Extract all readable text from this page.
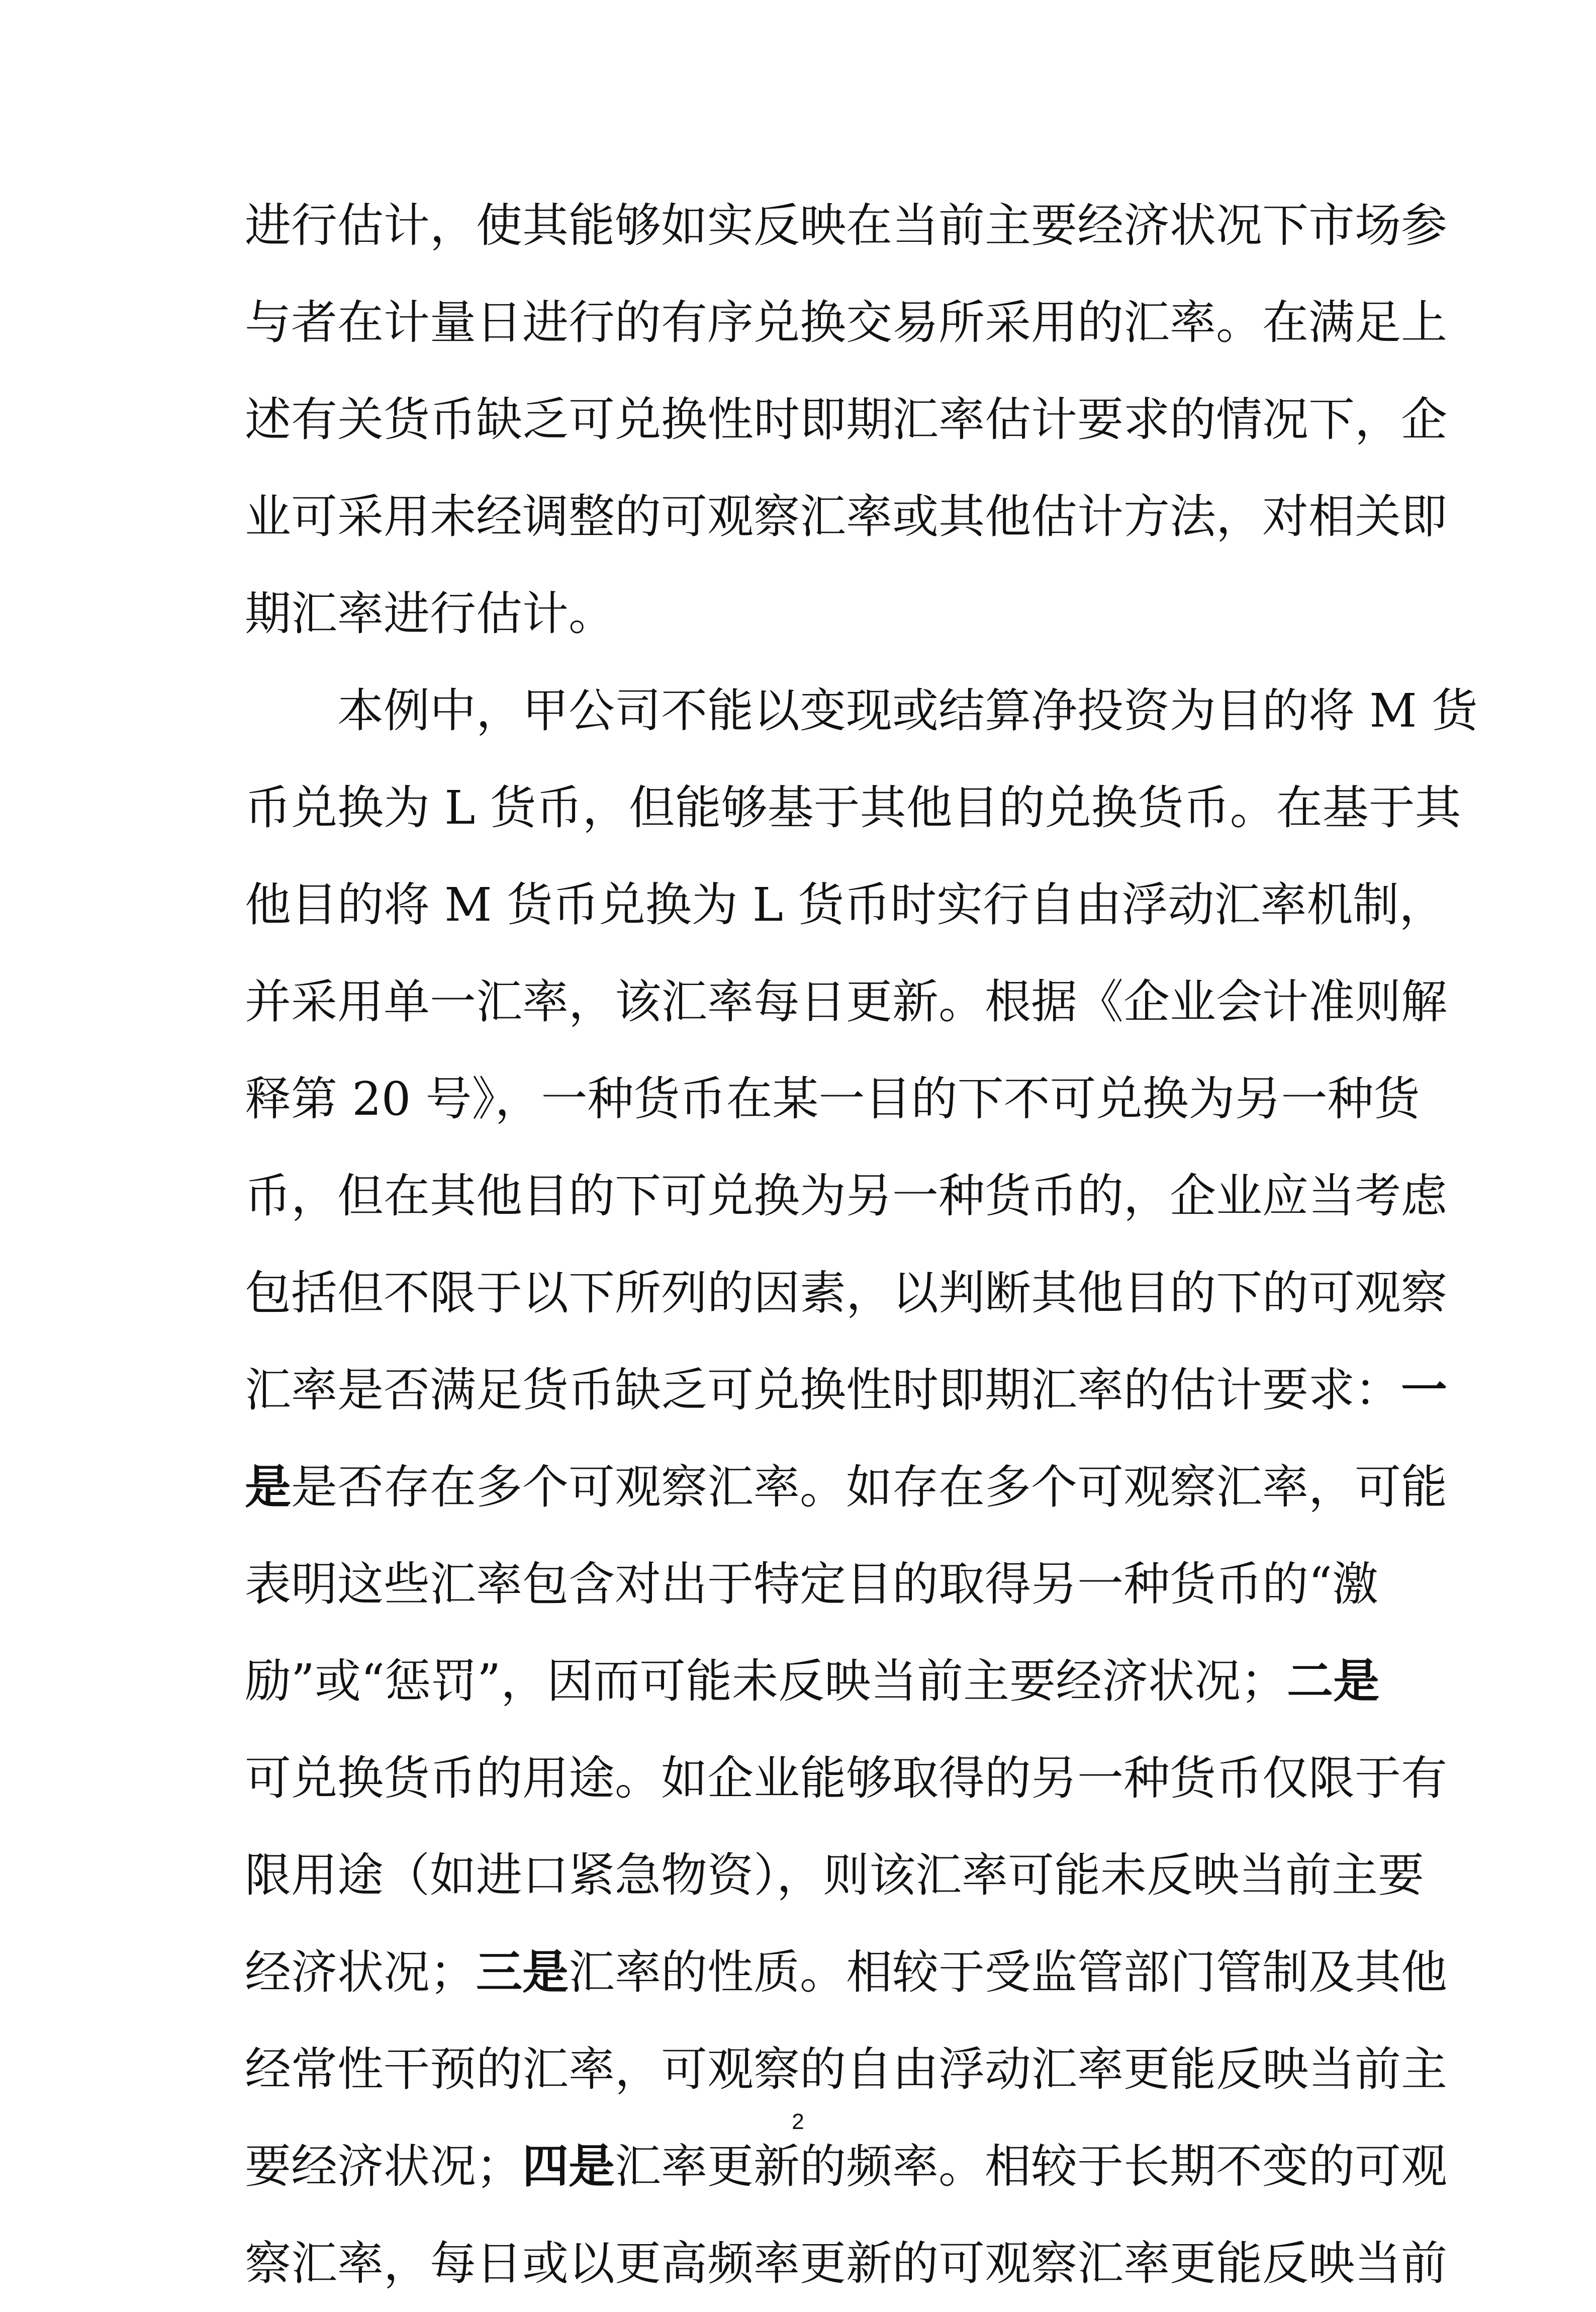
进行估计，使其能够如实反映在当前主要经济状况下市场参
与者在计量日进行的有序兑换交易所采用的汇率。在满足上
述有关货币缺乏可兑换性时即期汇率估计要求的情况下，企
业可采用未经调整的可观察汇率或其他估计方法，对相关即
期汇率进行估计。
本例中，甲公司不能以变现或结算净投资为目的将 M 货
币兑换为 L 货币，但能够基于其他目的兑换货币。在基于其
他目的将 M 货币兑换为 L 货币时实行自由浮动汇率机制，
并采用单一汇率，该汇率每日更新。根据《企业会计准则解
释第 20 号》，一种货币在某一目的下不可兑换为另一种货
币，但在其他目的下可兑换为另一种货币的，企业应当考虑
包括但不限于以下所列的因素，以判断其他目的下的可观察
汇率是否满足货币缺乏可兑换性时即期汇率的估计要求：一
是是否存在多个可观察汇率。如存在多个可观察汇率，可能
表明这些汇率包含对出于特定目的取得另一种货币的“激
励”或“惩罚”，因而可能未反映当前主要经济状况；二是
可兑换货币的用途。如企业能够取得的另一种货币仅限于有
限用途（如进口紧急物资），则该汇率可能未反映当前主要
经济状况；三是汇率的性质。相较于受监管部门管制及其他
经常性干预的汇率，可观察的自由浮动汇率更能反映当前主
要经济状况；四是汇率更新的频率。相较于长期不变的可观
察汇率，每日或以更高频率更新的可观察汇率更能反映当前
2
